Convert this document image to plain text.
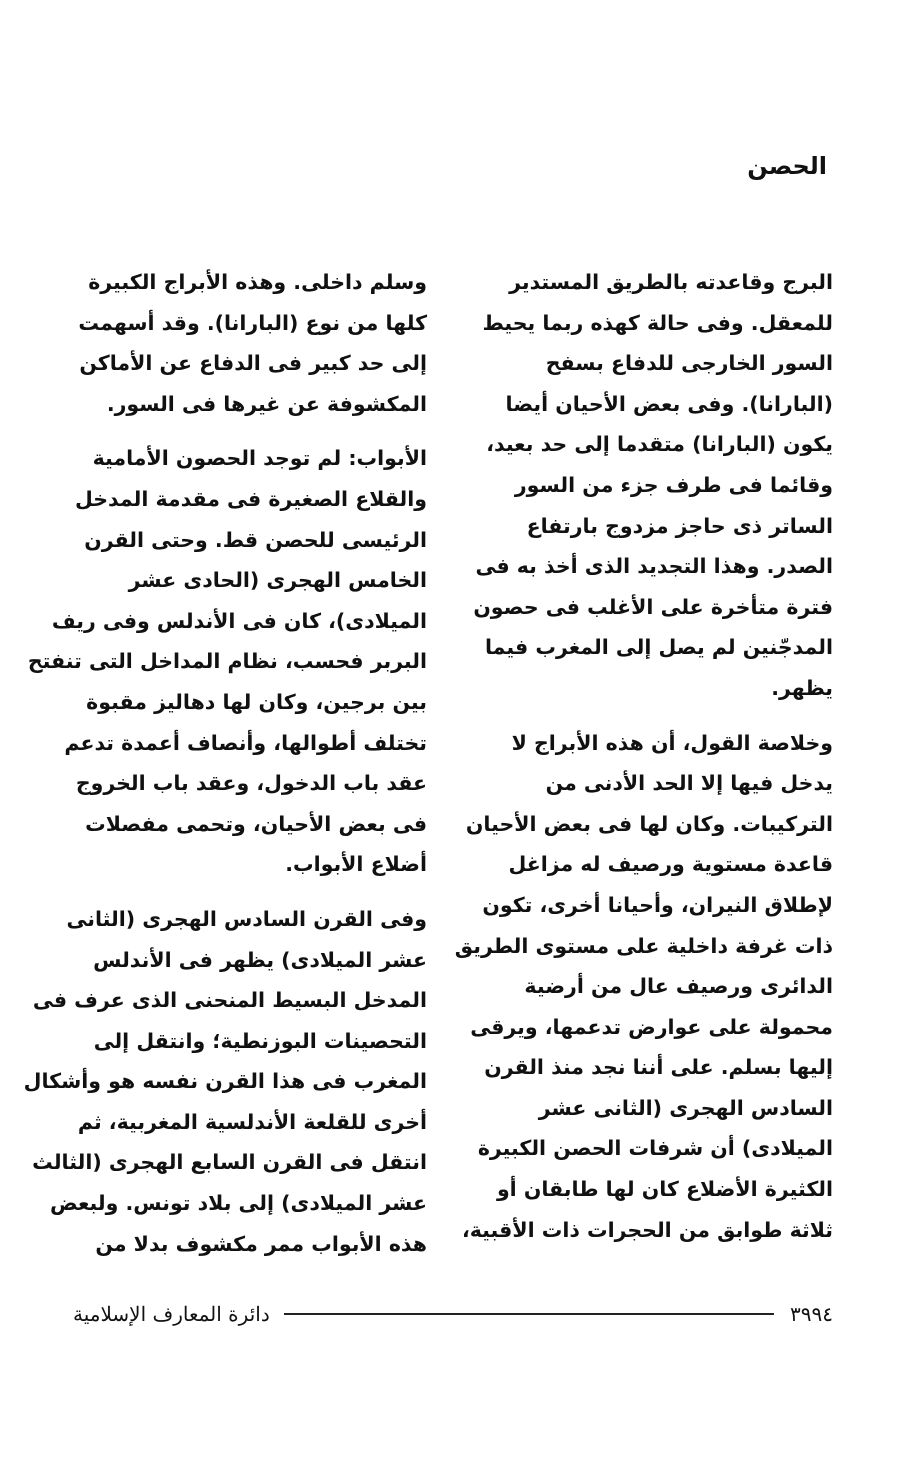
الحصن

البرج وقاعدته بالطريق المستدير

للمعقل. وفى حالة كهذه ربما يحيط

السور الخارجى للدفاع بسفح

(البارانا). وفى بعض الأحيان أيضا

يكون (البارانا) متقدما إلى حد بعيد،

وقائما فى طرف جزء من السور

الساتر ذى حاجز مزدوج بارتفاع

الصدر. وهذا التجديد الذى أخذ به فى

فترة متأخرة على الأغلب فى حصون

المدجّنين لم يصل إلى المغرب فيما

يظهر.

وخلاصة القول، أن هذه الأبراج لا

يدخل فيها إلا الحد الأدنى من

التركيبات. وكان لها فى بعض الأحيان

قاعدة مستوية ورصيف له مزاغل

لإطلاق النيران، وأحيانا أخرى، تكون

ذات غرفة داخلية على مستوى الطريق

الدائرى ورصيف عال من أرضية

محمولة على عوارض تدعمها، ويرقى

إليها بسلم. على أننا نجد منذ القرن

السادس الهجرى (الثانى عشر

الميلادى) أن شرفات الحصن الكبيرة

الكثيرة الأضلاع كان لها طابقان أو

ثلاثة طوابق من الحجرات ذات الأقبية،

وسلم داخلى. وهذه الأبراج الكبيرة

كلها من نوع (البارانا). وقد أسهمت

إلى حد كبير فى الدفاع عن الأماكن

المكشوفة عن غيرها فى السور.

الأبواب: لم توجد الحصون الأمامية

والقلاع الصغيرة فى مقدمة المدخل

الرئيسى للحصن قط. وحتى القرن

الخامس الهجرى (الحادى عشر

الميلادى)، كان فى الأندلس وفى ريف

البربر فحسب، نظام المداخل التى تنفتح

بين برجين، وكان لها دهاليز مقبوة

تختلف أطوالها، وأنصاف أعمدة تدعم

عقد باب الدخول، وعقد باب الخروج

فى بعض الأحيان، وتحمى مفصلات

أضلاع الأبواب.

وفى القرن السادس الهجرى (الثانى

عشر الميلادى) يظهر فى الأندلس

المدخل البسيط المنحنى الذى عرف فى

التحصينات البوزنطية؛ وانتقل إلى

المغرب فى هذا القرن نفسه هو وأشكال

أخرى للقلعة الأندلسية المغربية، ثم

انتقل فى القرن السابع الهجرى (الثالث

عشر الميلادى) إلى بلاد تونس. ولبعض

هذه الأبواب ممر مكشوف بدلا من

٣٩٩٤
دائرة المعارف الإسلامية
